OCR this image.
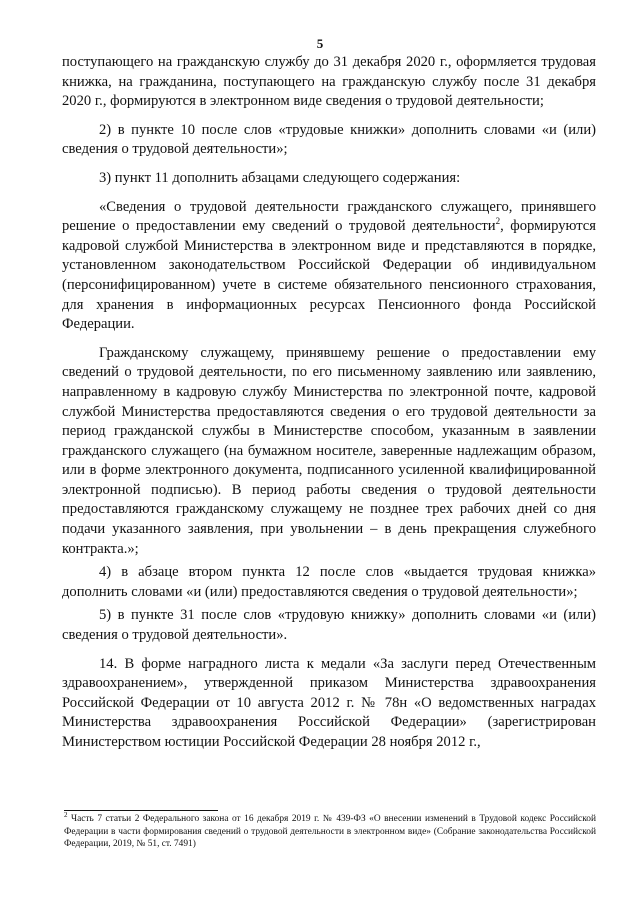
5

поступающего на гражданскую службу до 31 декабря 2020 г., оформляется трудовая книжка, на гражданина, поступающего на гражданскую службу после 31 декабря 2020 г., формируются в электронном виде сведения о трудовой деятельности;

2) в пункте 10 после слов «трудовые книжки» дополнить словами «и (или) сведения о трудовой деятельности»;

3) пункт 11 дополнить абзацами следующего содержания:

«Сведения о трудовой деятельности гражданского служащего, принявшего решение о предоставлении ему сведений о трудовой деятельности$^2$, формируются кадровой службой Министерства в электронном виде и представляются в порядке, установленном законодательством Российской Федерации об индивидуальном (персонифицированном) учете в системе обязательного пенсионного страхования, для хранения в информационных ресурсах Пенсионного фонда Российской Федерации.

Гражданскому служащему, принявшему решение о предоставлении ему сведений о трудовой деятельности, по его письменному заявлению или заявлению, направленному в кадровую службу Министерства по электронной почте, кадровой службой Министерства предоставляются сведения о его трудовой деятельности за период гражданской службы в Министерстве способом, указанным в заявлении гражданского служащего (на бумажном носителе, заверенные надлежащим образом, или в форме электронного документа, подписанного усиленной квалифицированной электронной подписью). В период работы сведения о трудовой деятельности предоставляются гражданскому служащему не позднее трех рабочих дней со дня подачи указанного заявления, при увольнении – в день прекращения служебного контракта.»;

4) в абзаце втором пункта 12 после слов «выдается трудовая книжка» дополнить словами «и (или) предоставляются сведения о трудовой деятельности»;

5) в пункте 31 после слов «трудовую книжку» дополнить словами «и (или) сведения о трудовой деятельности».

14. В форме наградного листа к медали «За заслуги перед Отечественным здравоохранением», утвержденной приказом Министерства здравоохранения Российской Федерации от 10 августа 2012 г. № 78н «О ведомственных наградах Министерства здравоохранения Российской Федерации» (зарегистрирован Министерством юстиции Российской Федерации 28 ноября 2012 г.,

$^2$ Часть 7 статьи 2 Федерального закона от 16 декабря 2019 г. № 439-ФЗ «О внесении изменений в Трудовой кодекс Российской Федерации в части формирования сведений о трудовой деятельности в электронном виде» (Собрание законодательства Российской Федерации, 2019, № 51, ст. 7491)
